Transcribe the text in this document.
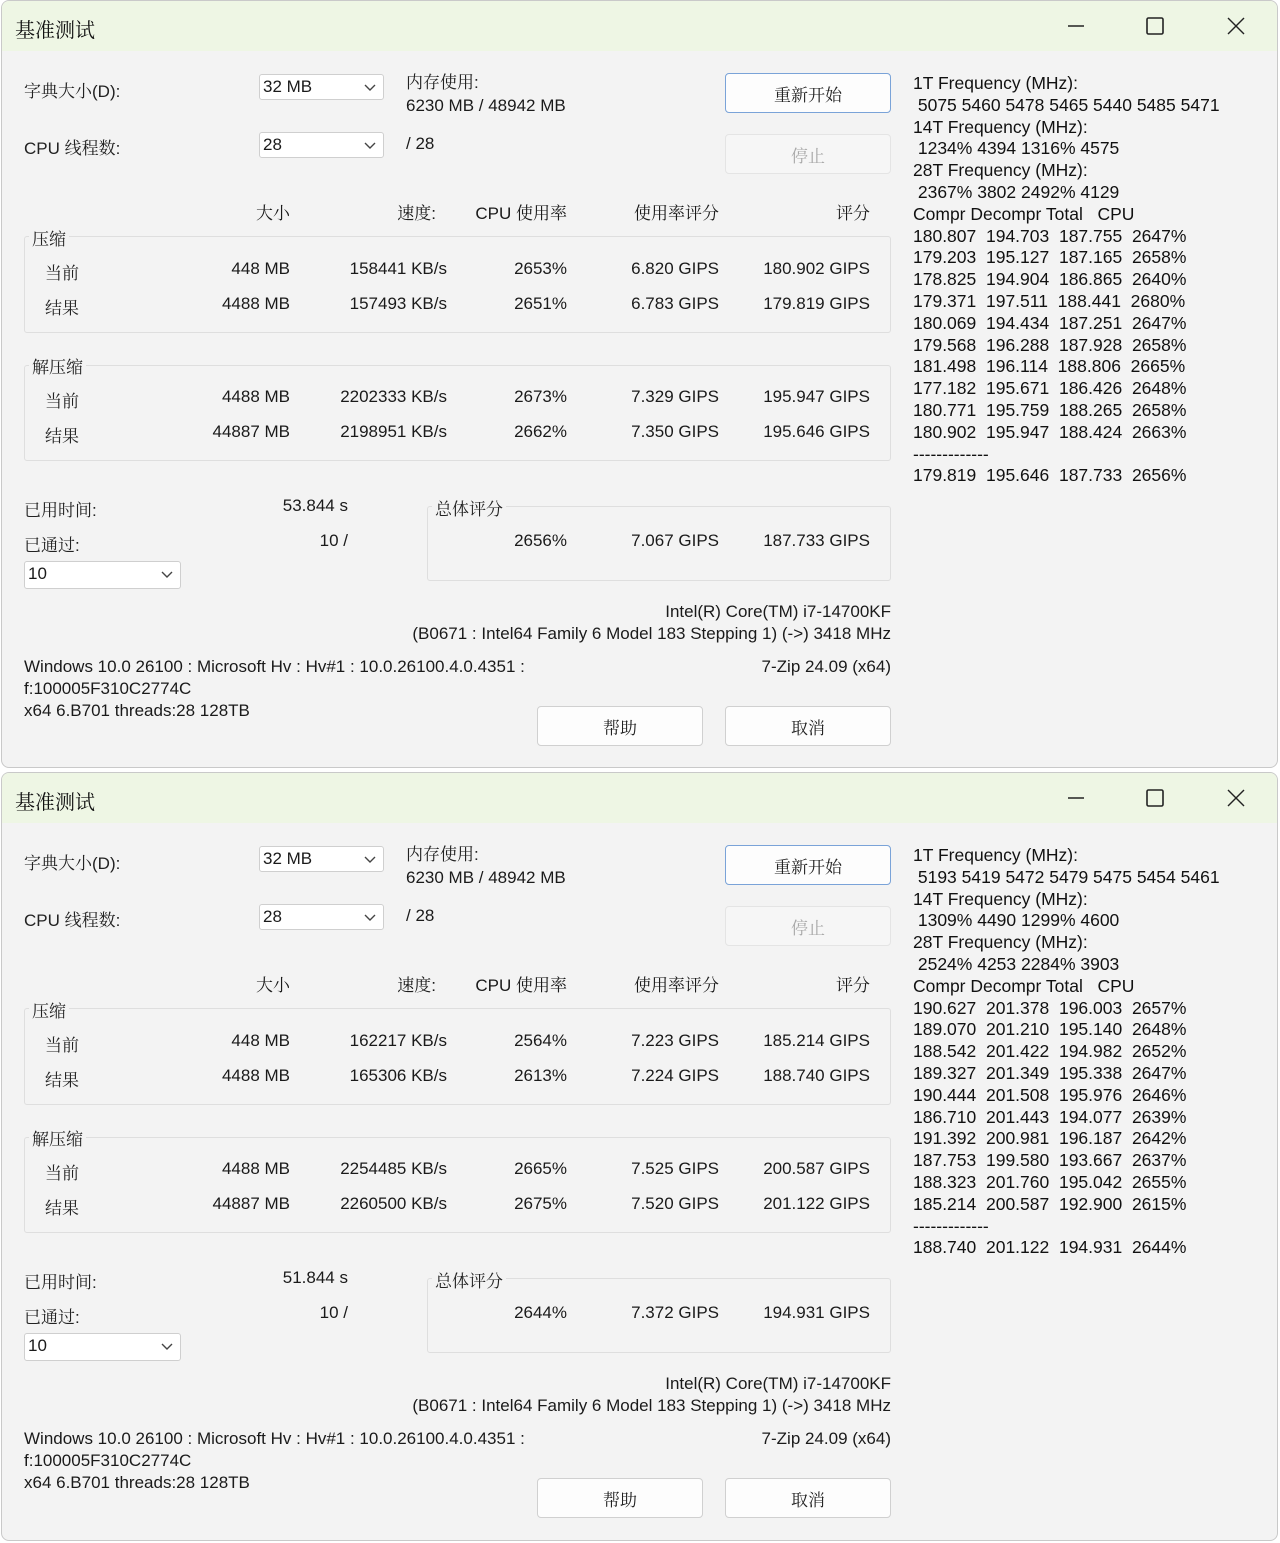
基准测试
字典大小(D):	32 MB	内存使用:
6230 MB / 48942 MB
CPU 线程数:	28	/ 28
重新开始
停止
大小	速度:	CPU 使用率	使用率评分	评分
压缩
当前	448 MB	158441 KB/s	2653%	6.820 GIPS	180.902 GIPS
结果	4488 MB	157493 KB/s	2651%	6.783 GIPS	179.819 GIPS
解压缩
当前	4488 MB	2202333 KB/s	2673%	7.329 GIPS	195.947 GIPS
结果	44887 MB	2198951 KB/s	2662%	7.350 GIPS	195.646 GIPS
已用时间:	53.844 s
已通过:	10 /
10
总体评分
2656%	7.067 GIPS	187.733 GIPS
Intel(R) Core(TM) i7-14700KF
(B0671 : Intel64 Family 6 Model 183 Stepping 1) (->) 3418 MHz
Windows 10.0 26100 : Microsoft Hv : Hv#1 : 10.0.26100.4.0.4351 :
f:100005F310C2774C
x64 6.B701 threads:28 128TB
7-Zip 24.09 (x64)
帮助	取消
1T Frequency (MHz):
5075 5460 5478 5465 5440 5485 5471
14T Frequency (MHz):
1234% 4394 1316% 4575
28T Frequency (MHz):
2367% 3802 2492% 4129
Compr Decompr Total   CPU
180.807  194.703  187.755  2647%
179.203  195.127  187.165  2658%
178.825  194.904  186.865  2640%
179.371  197.511  188.441  2680%
180.069  194.434  187.251  2647%
179.568  196.288  187.928  2658%
181.498  196.114  188.806  2665%
177.182  195.671  186.426  2648%
180.771  195.759  188.265  2658%
180.902  195.947  188.424  2663%
-------------
179.819  195.646  187.733  2656%
基准测试
字典大小(D):	32 MB	内存使用:
6230 MB / 48942 MB
CPU 线程数:	28	/ 28
重新开始
停止
大小	速度:	CPU 使用率	使用率评分	评分
压缩
当前	448 MB	162217 KB/s	2564%	7.223 GIPS	185.214 GIPS
结果	4488 MB	165306 KB/s	2613%	7.224 GIPS	188.740 GIPS
解压缩
当前	4488 MB	2254485 KB/s	2665%	7.525 GIPS	200.587 GIPS
结果	44887 MB	2260500 KB/s	2675%	7.520 GIPS	201.122 GIPS
已用时间:	51.844 s
已通过:	10 /
10
总体评分
2644%	7.372 GIPS	194.931 GIPS
Intel(R) Core(TM) i7-14700KF
(B0671 : Intel64 Family 6 Model 183 Stepping 1) (->) 3418 MHz
Windows 10.0 26100 : Microsoft Hv : Hv#1 : 10.0.26100.4.0.4351 :
f:100005F310C2774C
x64 6.B701 threads:28 128TB
7-Zip 24.09 (x64)
帮助	取消
1T Frequency (MHz):
5193 5419 5472 5479 5475 5454 5461
14T Frequency (MHz):
1309% 4490 1299% 4600
28T Frequency (MHz):
2524% 4253 2284% 3903
Compr Decompr Total   CPU
190.627  201.378  196.003  2657%
189.070  201.210  195.140  2648%
188.542  201.422  194.982  2652%
189.327  201.349  195.338  2647%
190.444  201.508  195.976  2646%
186.710  201.443  194.077  2639%
191.392  200.981  196.187  2642%
187.753  199.580  193.667  2637%
188.323  201.760  195.042  2655%
185.214  200.587  192.900  2615%
-------------
188.740  201.122  194.931  2644%
